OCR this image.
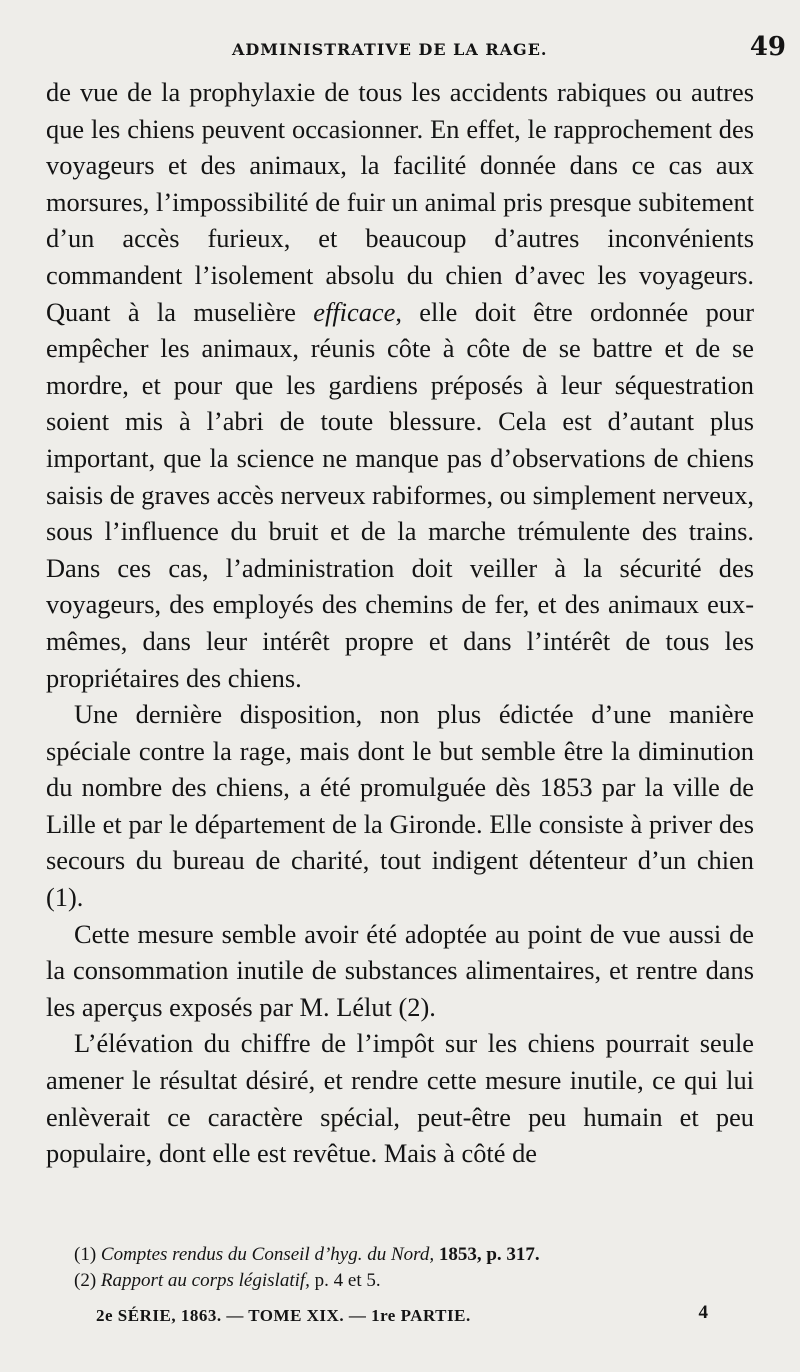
ADMINISTRATIVE DE LA RAGE.	49

de vue de la prophylaxie de tous les accidents rabiques ou autres que les chiens peuvent occasionner. En effet, le rapprochement des voyageurs et des animaux, la facilité donnée dans ce cas aux morsures, l’impossibilité de fuir un animal pris presque subitement d’un accès furieux, et beaucoup d’autres inconvénients commandent l’isolement absolu du chien d’avec les voyageurs. Quant à la muselière efficace, elle doit être ordonnée pour empêcher les animaux, réunis côte à côte de se battre et de se mordre, et pour que les gardiens préposés à leur séquestration soient mis à l’abri de toute blessure. Cela est d’autant plus important, que la science ne manque pas d’observations de chiens saisis de graves accès nerveux rabiformes, ou simplement nerveux, sous l’influence du bruit et de la marche trémulente des trains. Dans ces cas, l’administration doit veiller à la sécurité des voyageurs, des employés des chemins de fer, et des animaux eux-mêmes, dans leur intérêt propre et dans l’intérêt de tous les propriétaires des chiens.

Une dernière disposition, non plus édictée d’une manière spéciale contre la rage, mais dont le but semble être la diminution du nombre des chiens, a été promulguée dès 1853 par la ville de Lille et par le département de la Gironde. Elle consiste à priver des secours du bureau de charité, tout indigent détenteur d’un chien (1).

Cette mesure semble avoir été adoptée au point de vue aussi de la consommation inutile de substances alimentaires, et rentre dans les aperçus exposés par M. Lélut (2).

L’élévation du chiffre de l’impôt sur les chiens pourrait seule amener le résultat désiré, et rendre cette mesure inutile, ce qui lui enlèverait ce caractère spécial, peut-être peu humain et peu populaire, dont elle est revêtue. Mais à côté de

(1) Comptes rendus du Conseil d’hyg. du Nord, 1853, p. 317.
(2) Rapport au corps législatif, p. 4 et 5.
2e SÉRIE, 1863. — TOME XIX. — 1re PARTIE.	4
